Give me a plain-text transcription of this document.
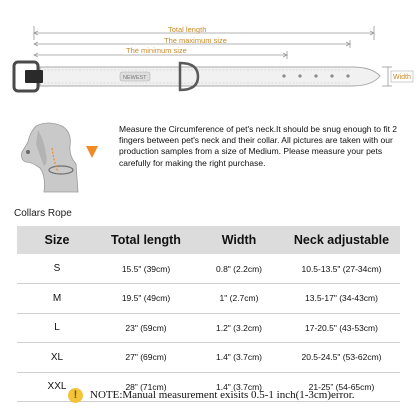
Total length
The maximum size
The minimum size
NEWEST	Width
Measure the Circumference of pet's neck.It should be snug enough to fit 2 fingers between pet's neck and their collar. All pictures are taken with our production samples from a size of Medium. Please measure your pets carefully for making the right purchase.
Collars Rope
Size	Total length	Width	Neck adjustable
S	15.5" (39cm)	0.8" (2.2cm)	10.5-13.5" (27-34cm)
M	19.5" (49cm)	1" (2.7cm)	13.5-17" (34-43cm)
L	23" (59cm)	1.2" (3.2cm)	17-20.5" (43-53cm)
XL	27" (69cm)	1.4" (3.7cm)	20.5-24.5" (53-62cm)
XXL	28” (71cm)	1.4" (3.7cm)	21-25” (54-65cm)
!	NOTE:Manual measurement exisits 0.5-1 inch(1-3cm)error.
